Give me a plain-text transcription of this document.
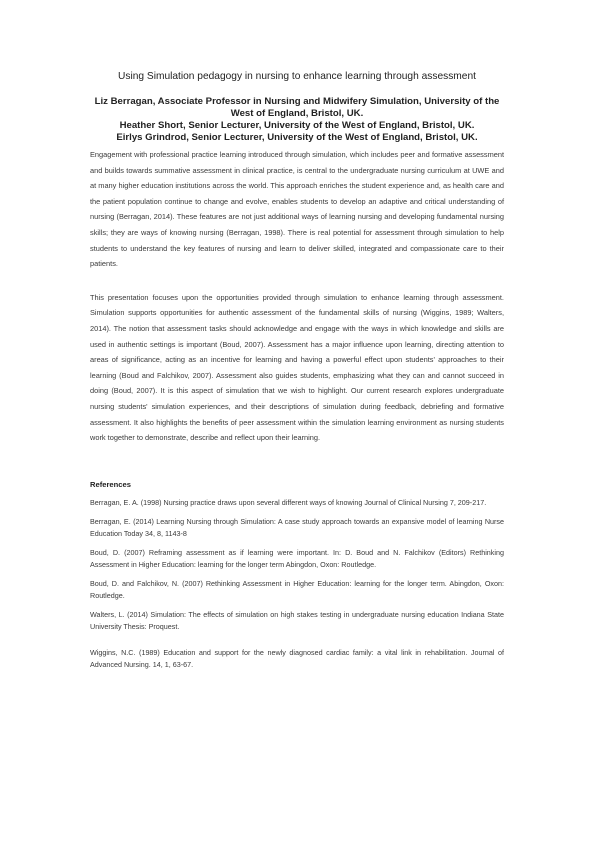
Using Simulation pedagogy in nursing to enhance learning through assessment
Liz Berragan, Associate Professor in Nursing and Midwifery Simulation, University of the West of England, Bristol, UK.
Heather Short, Senior Lecturer, University of the West of England, Bristol, UK.
Eirlys Grindrod, Senior Lecturer, University of the West of England, Bristol, UK.

Engagement with professional practice learning introduced through simulation, which includes peer and formative assessment and builds towards summative assessment in clinical practice, is central to the undergraduate nursing curriculum at UWE and at many higher education institutions across the world. This approach enriches the student experience and, as health care and the patient population continue to change and evolve, enables students to develop an adaptive and critical understanding of nursing (Berragan, 2014). These features are not just additional ways of learning nursing and developing fundamental nursing skills; they are ways of knowing nursing (Berragan, 1998). There is real potential for assessment through simulation to help students to understand the key features of nursing and learn to deliver skilled, integrated and compassionate care to their patients.

This presentation focuses upon the opportunities provided through simulation to enhance learning through assessment. Simulation supports opportunities for authentic assessment of the fundamental skills of nursing (Wiggins, 1989; Walters, 2014). The notion that assessment tasks should acknowledge and engage with the ways in which knowledge and skills are used in authentic settings is important (Boud, 2007). Assessment has a major influence upon learning, directing attention to areas of significance, acting as an incentive for learning and having a powerful effect upon students' approaches to their learning (Boud and Falchikov, 2007). Assessment also guides students, emphasizing what they can and cannot succeed in doing (Boud, 2007). It is this aspect of simulation that we wish to highlight. Our current research explores undergraduate nursing students' simulation experiences, and their descriptions of simulation during feedback, debriefing and formative assessment. It also highlights the benefits of peer assessment within the simulation learning environment as nursing students work together to demonstrate, describe and reflect upon their learning.

References

Berragan, E. A. (1998) Nursing practice draws upon several different ways of knowing Journal of Clinical Nursing 7, 209-217.

Berragan, E. (2014) Learning Nursing through Simulation: A case study approach towards an expansive model of learning Nurse Education Today 34, 8, 1143-8

Boud, D. (2007) Reframing assessment as if learning were important. In: D. Boud and N. Falchikov (Editors) Rethinking Assessment in Higher Education: learning for the longer term Abingdon, Oxon: Routledge.

Boud, D. and Falchikov, N. (2007) Rethinking Assessment in Higher Education: learning for the longer term. Abingdon, Oxon: Routledge.

Walters, L. (2014) Simulation: The effects of simulation on high stakes testing in undergraduate nursing education Indiana State University Thesis: Proquest.

Wiggins, N.C. (1989) Education and support for the newly diagnosed cardiac family: a vital link in rehabilitation. Journal of Advanced Nursing. 14, 1, 63-67.
